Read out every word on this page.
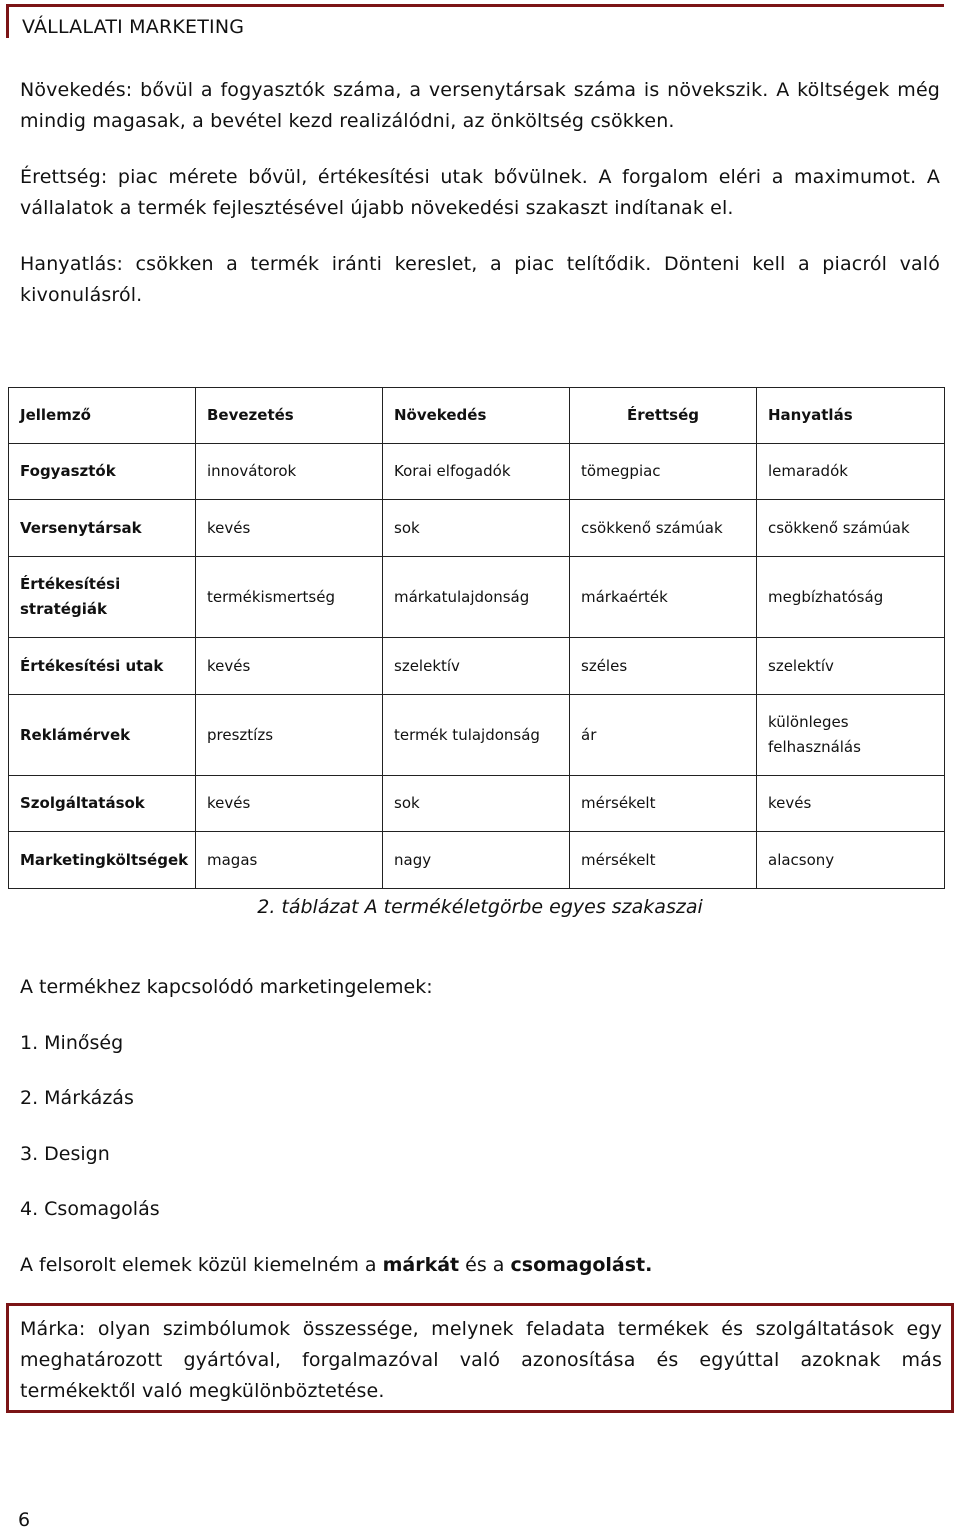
VÁLLALATI MARKETING

Növekedés: bővül a fogyasztók száma, a versenytársak száma is növekszik. A költségek még mindig magasak, a bevétel kezd realizálódni, az önköltség csökken.

Érettség: piac mérete bővül, értékesítési utak bővülnek. A forgalom eléri a maximumot. A vállalatok a termék fejlesztésével újabb növekedési szakaszt indítanak el.

Hanyatlás: csökken a termék iránti kereslet, a piac telítődik. Dönteni kell a piacról való kivonulásról.

Jellemző	Bevezetés	Növekedés	Érettség	Hanyatlás
Fogyasztók	innovátorok	Korai elfogadók	tömegpiac	lemaradók
Versenytársak	kevés	sok	csökkenő számúak	csökkenő számúak
Értékesítési stratégiák	termékismertség	márkatulajdonság	márkaérték	megbízhatóság
Értékesítési utak	kevés	szelektív	széles	szelektív
Reklámérvek	presztízs	termék tulajdonság	ár	különleges felhasználás
Szolgáltatások	kevés	sok	mérsékelt	kevés
Marketingköltségek	magas	nagy	mérsékelt	alacsony
2. táblázat A termékéletgörbe egyes szakaszai
A termékhez kapcsolódó marketingelemek:
1. Minőség
2. Márkázás
3. Design
4. Csomagolás
A felsorolt elemek közül kiemelném a márkát és a csomagolást.

Márka: olyan szimbólumok összessége, melynek feladata termékek és szolgáltatások egy meghatározott gyártóval, forgalmazóval való azonosítása és egyúttal azoknak más termékektől való megkülönböztetése.

6
